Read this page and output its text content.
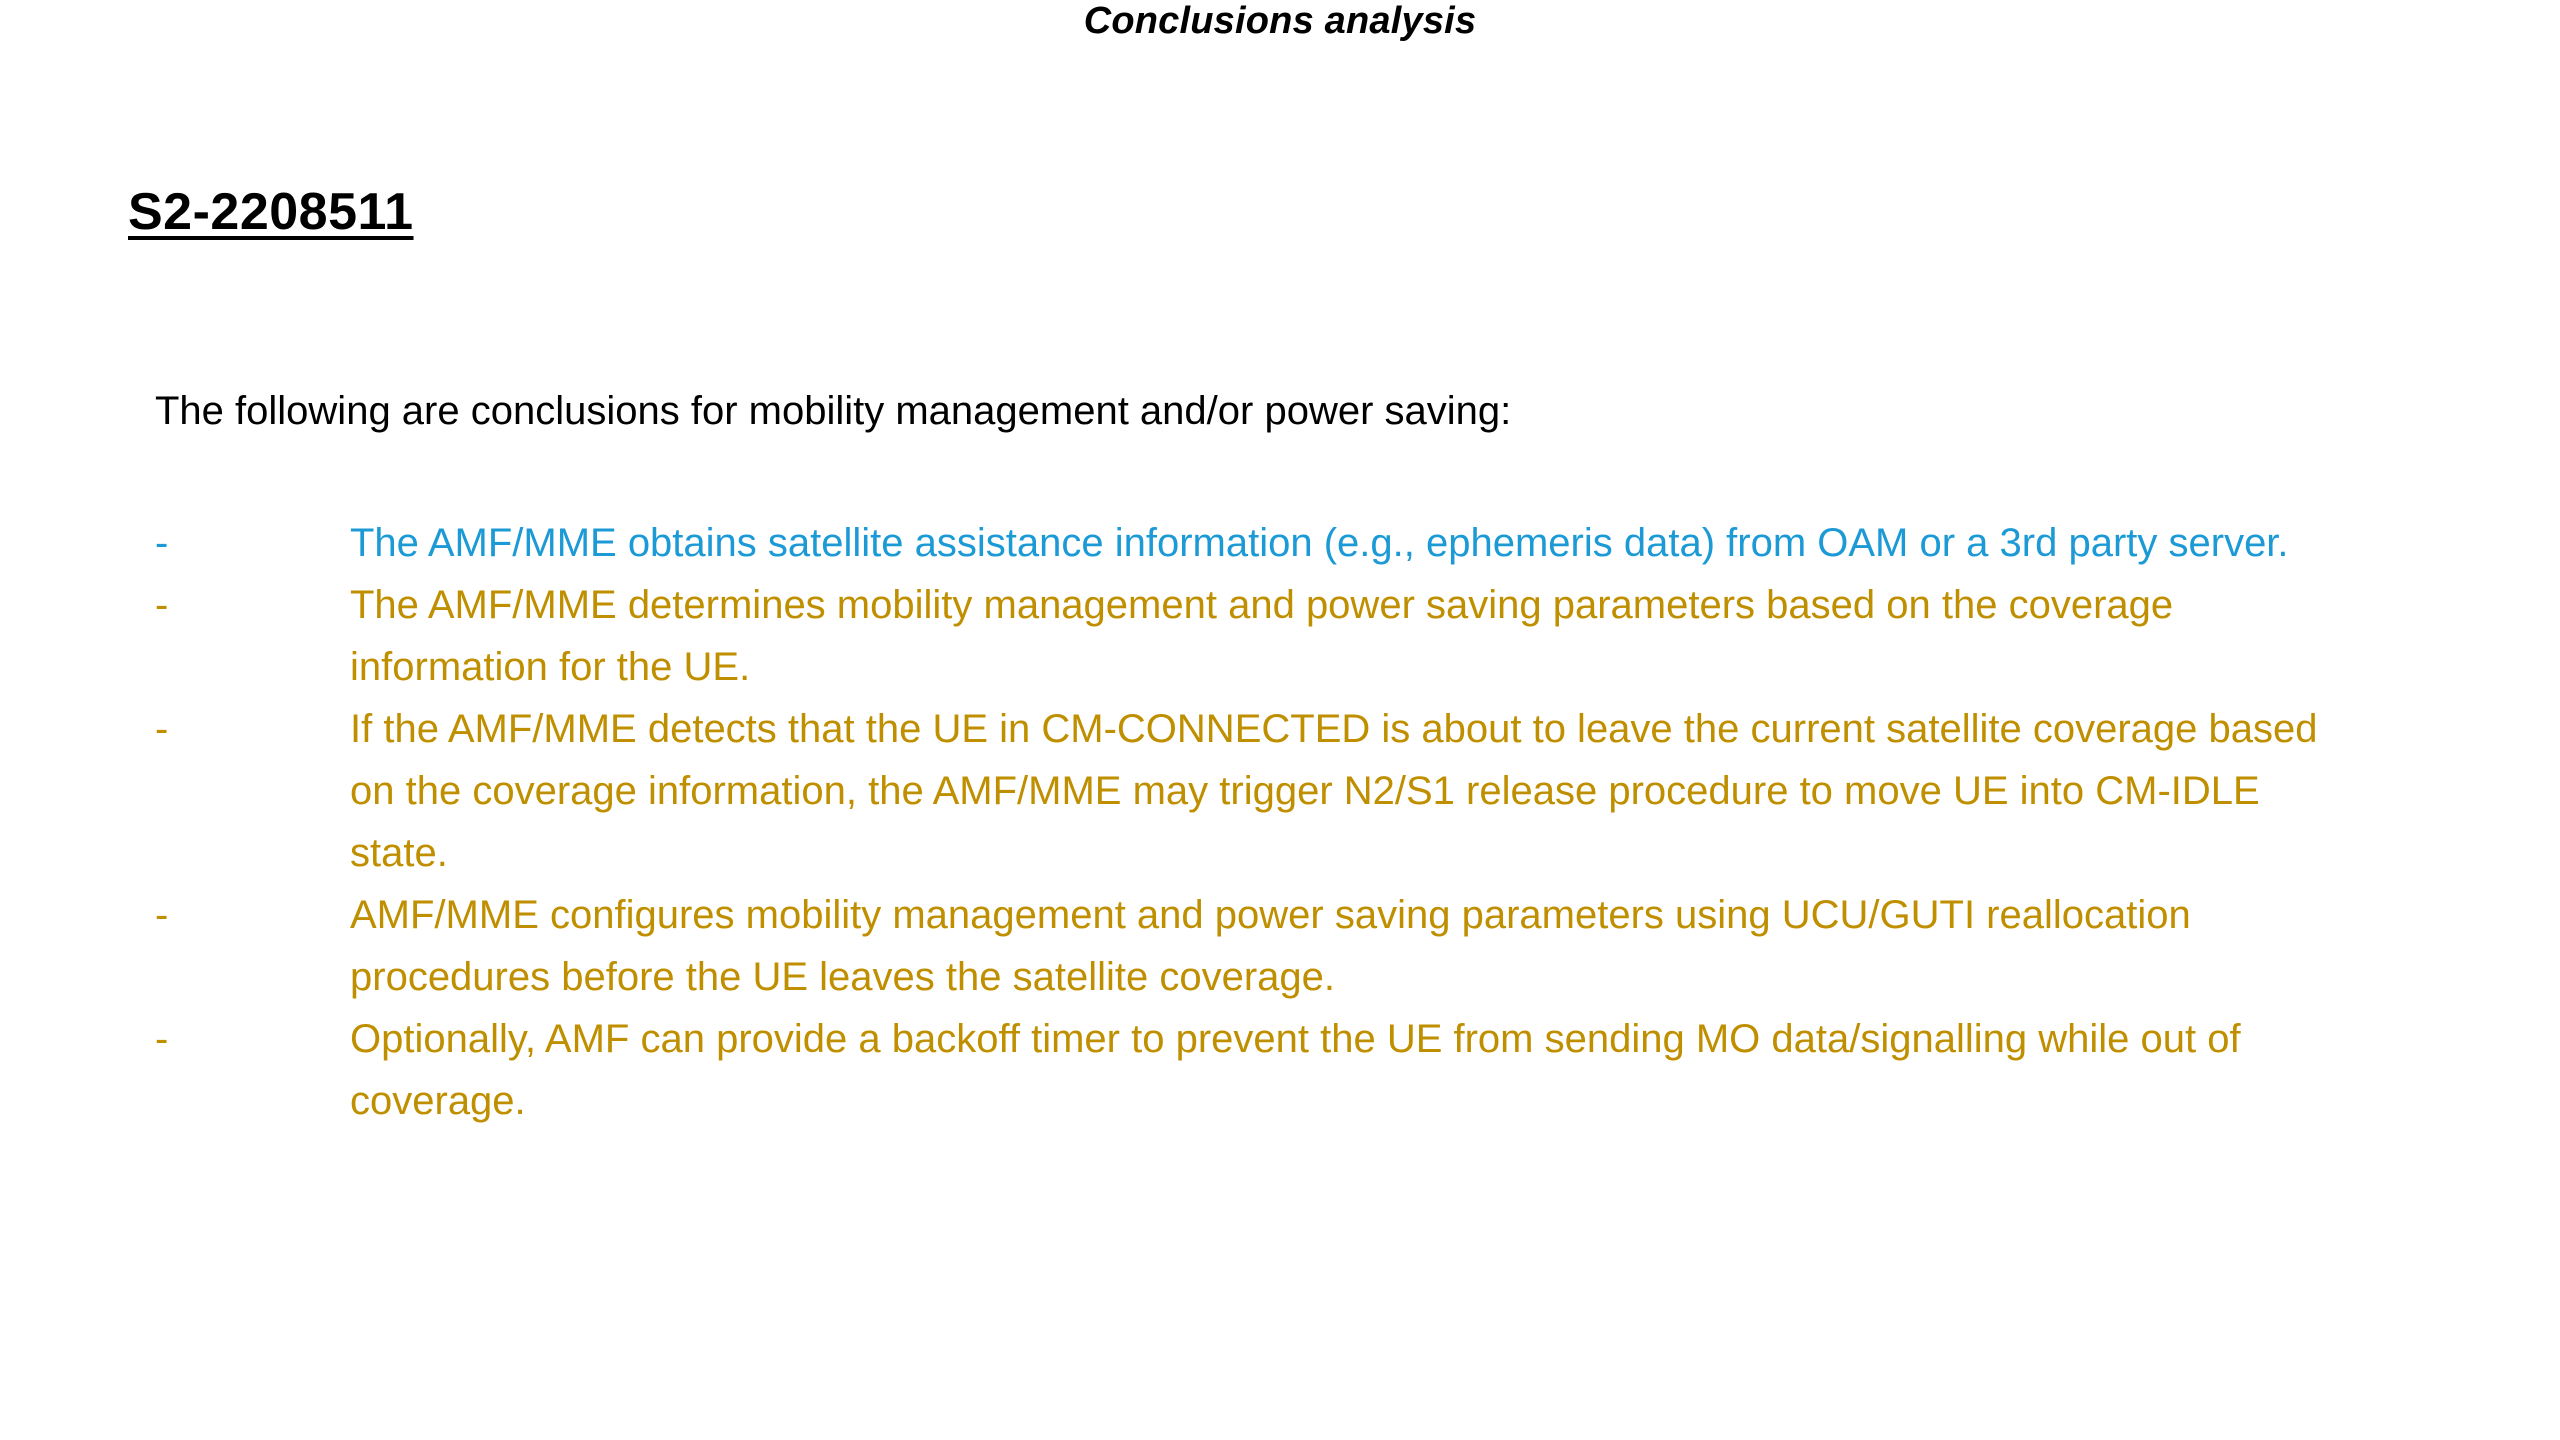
Conclusions analysis
S2-2208511
The following are conclusions for mobility management and/or power saving:
-	The AMF/MME obtains satellite assistance information (e.g., ephemeris data) from OAM or a 3rd party server.
-	The AMF/MME determines mobility management and power saving parameters based on the coverage information for the UE.
-	If the AMF/MME detects that the UE in CM-CONNECTED is about to leave the current satellite coverage based on the coverage information, the AMF/MME may trigger N2/S1 release procedure to move UE into CM-IDLE state.
-	AMF/MME configures mobility management and power saving parameters using UCU/GUTI reallocation procedures before the UE leaves the satellite coverage.
-	Optionally, AMF can provide a backoff timer to prevent the UE from sending MO data/signalling while out of coverage.
